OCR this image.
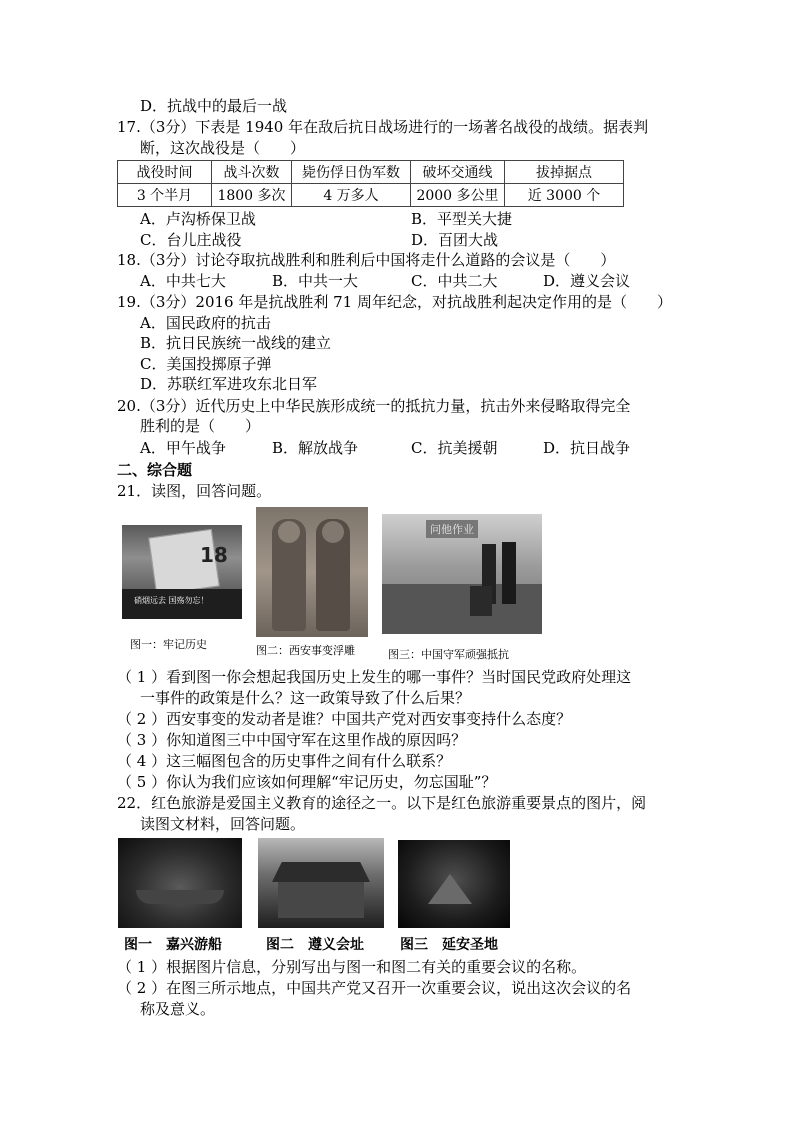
D．抗战中的最后一战
17.（3分）下表是 1940 年在敌后抗日战场进行的一场著名战役的战绩。据表判
断，这次战役是（　　）
战役时间	战斗次数	毙伤俘日伪军数	破坏交通线	拔掉据点
3 个半月	1800 多次	4 万多人	2000 多公里	近 3000 个
A．卢沟桥保卫战	B．平型关大捷
C．台儿庄战役	D．百团大战
18.（3分）讨论夺取抗战胜利和胜利后中国将走什么道路的会议是（　　）
A．中共七大	B．中共一大	C．中共二大	D．遵义会议
19.（3分）2016 年是抗战胜利 71 周年纪念，对抗战胜利起决定作用的是（　　）
A．国民政府的抗击
B．抗日民族统一战线的建立
C．美国投掷原子弹
D．苏联红军进攻东北日军
20.（3分）近代历史上中华民族形成统一的抵抗力量，抗击外来侵略取得完全
胜利的是（　　）
A．甲午战争	B．解放战争	C．抗美援朝	D．抗日战争
二、综合题
21．读图，回答问题。
18
硝烟远去 国殇勿忘！
图一：牢记历史	图二：西安事变浮雕
问他作业
图三：中国守军顽强抵抗
（ 1 ）看到图一你会想起我国历史上发生的哪一事件？当时国民党政府处理这
一事件的政策是什么？这一政策导致了什么后果？
（ 2 ）西安事变的发动者是谁？中国共产党对西安事变持什么态度？
（ 3 ）你知道图三中中国守军在这里作战的原因吗？
（ 4 ）这三幅图包含的历史事件之间有什么联系？
（ 5 ）你认为我们应该如何理解“牢记历史，勿忘国耻”？
22．红色旅游是爱国主义教育的途径之一。以下是红色旅游重要景点的图片，阅
读图文材料，回答问题。
图一　嘉兴游船	图二　遵义会址	图三　延安圣地
（ 1 ）根据图片信息，分别写出与图一和图二有关的重要会议的名称。
（ 2 ）在图三所示地点，中国共产党又召开一次重要会议，说出这次会议的名
称及意义。
